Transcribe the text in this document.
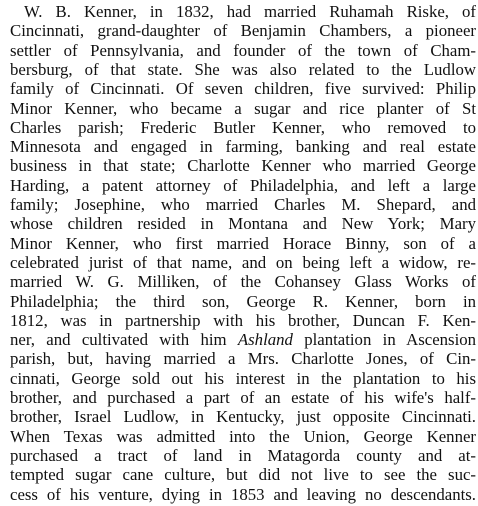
W. B. Kenner, in 1832, had married Ruhamah Riske, of
Cincinnati, grand-daughter of Benjamin Chambers, a pioneer
settler of Pennsylvania, and founder of the town of Cham-
bersburg, of that state. She was also related to the Ludlow
family of Cincinnati. Of seven children, five survived: Philip
Minor Kenner, who became a sugar and rice planter of St
Charles parish; Frederic Butler Kenner, who removed to
Minnesota and engaged in farming, banking and real estate
business in that state; Charlotte Kenner who married George
Harding, a patent attorney of Philadelphia, and left a large
family; Josephine, who married Charles M. Shepard, and
whose children resided in Montana and New York; Mary
Minor Kenner, who first married Horace Binny, son of a
celebrated jurist of that name, and on being left a widow, re-
married W. G. Milliken, of the Cohansey Glass Works of
Philadelphia; the third son, George R. Kenner, born in
1812, was in partnership with his brother, Duncan F. Ken-
ner, and cultivated with him Ashland plantation in Ascension
parish, but, having married a Mrs. Charlotte Jones, of Cin-
cinnati, George sold out his interest in the plantation to his
brother, and purchased a part of an estate of his wife's half-
brother, Israel Ludlow, in Kentucky, just opposite Cincinnati.
When Texas was admitted into the Union, George Kenner
purchased a tract of land in Matagorda county and at-
tempted sugar cane culture, but did not live to see the suc-
cess of his venture, dying in 1853 and leaving no descendants.
